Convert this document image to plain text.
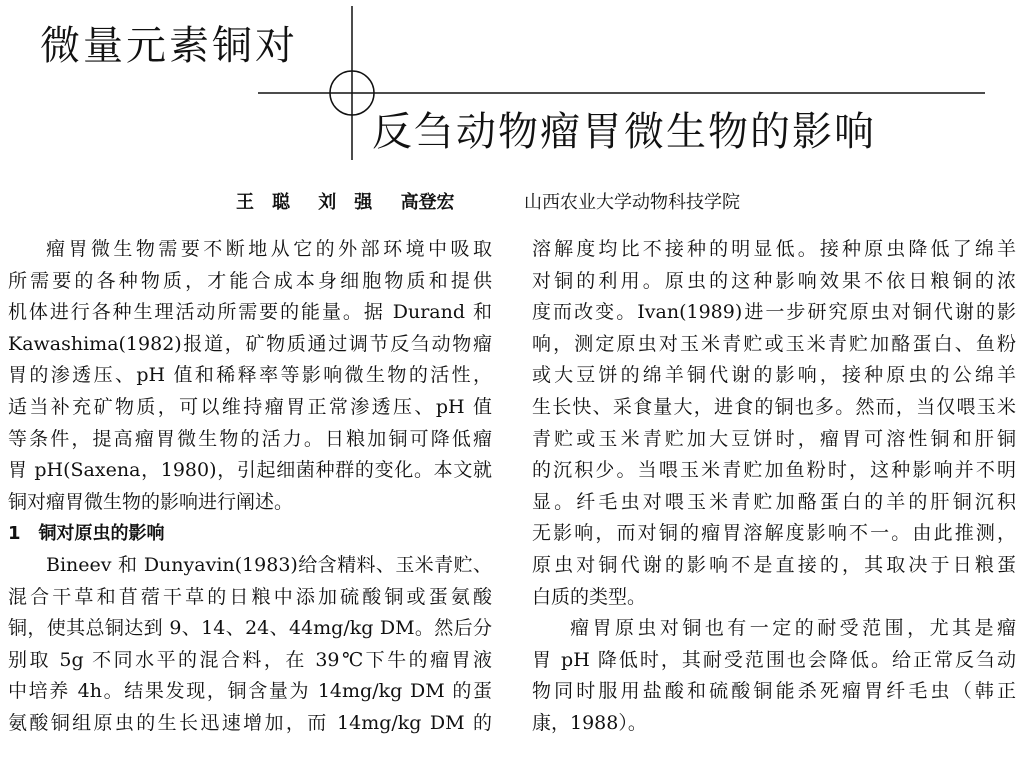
微量元素铜对
反刍动物瘤胃微生物的影响
王　聪 刘　强 高登宏	山西农业大学动物科技学院
瘤胃微生物需要不断地从它的外部环境中吸取
所需要的各种物质，才能合成本身细胞物质和提供
机体进行各种生理活动所需要的能量。据 Durand 和
Kawashima(1982)报道，矿物质通过调节反刍动物瘤
胃的渗透压、pH 值和稀释率等影响微生物的活性，
适当补充矿物质，可以维持瘤胃正常渗透压、pH 值
等条件，提高瘤胃微生物的活力。日粮加铜可降低瘤
胃 pH(Saxena，1980)，引起细菌种群的变化。本文就
铜对瘤胃微生物的影响进行阐述。
1 铜对原虫的影响
Bineev 和 Dunyavin(1983)给含精料、玉米青贮、
混合干草和苜蓿干草的日粮中添加硫酸铜或蛋氨酸
铜，使其总铜达到 9、14、24、44mg/kg DM。然后分
别取 5g 不同水平的混合料，在 39℃下牛的瘤胃液
中培养 4h。结果发现，铜含量为 14mg/kg DM 的蛋
氨酸铜组原虫的生长迅速增加，而 14mg/kg DM 的
溶解度均比不接种的明显低。接种原虫降低了绵羊
对铜的利用。原虫的这种影响效果不依日粮铜的浓
度而改变。Ivan(1989)进一步研究原虫对铜代谢的影
响，测定原虫对玉米青贮或玉米青贮加酪蛋白、鱼粉
或大豆饼的绵羊铜代谢的影响，接种原虫的公绵羊
生长快、采食量大，进食的铜也多。然而，当仅喂玉米
青贮或玉米青贮加大豆饼时，瘤胃可溶性铜和肝铜
的沉积少。当喂玉米青贮加鱼粉时，这种影响并不明
显。纤毛虫对喂玉米青贮加酪蛋白的羊的肝铜沉积
无影响，而对铜的瘤胃溶解度影响不一。由此推测，
原虫对铜代谢的影响不是直接的，其取决于日粮蛋
白质的类型。
瘤胃原虫对铜也有一定的耐受范围，尤其是瘤
胃 pH 降低时，其耐受范围也会降低。给正常反刍动
物同时服用盐酸和硫酸铜能杀死瘤胃纤毛虫（韩正
康，1988）。
